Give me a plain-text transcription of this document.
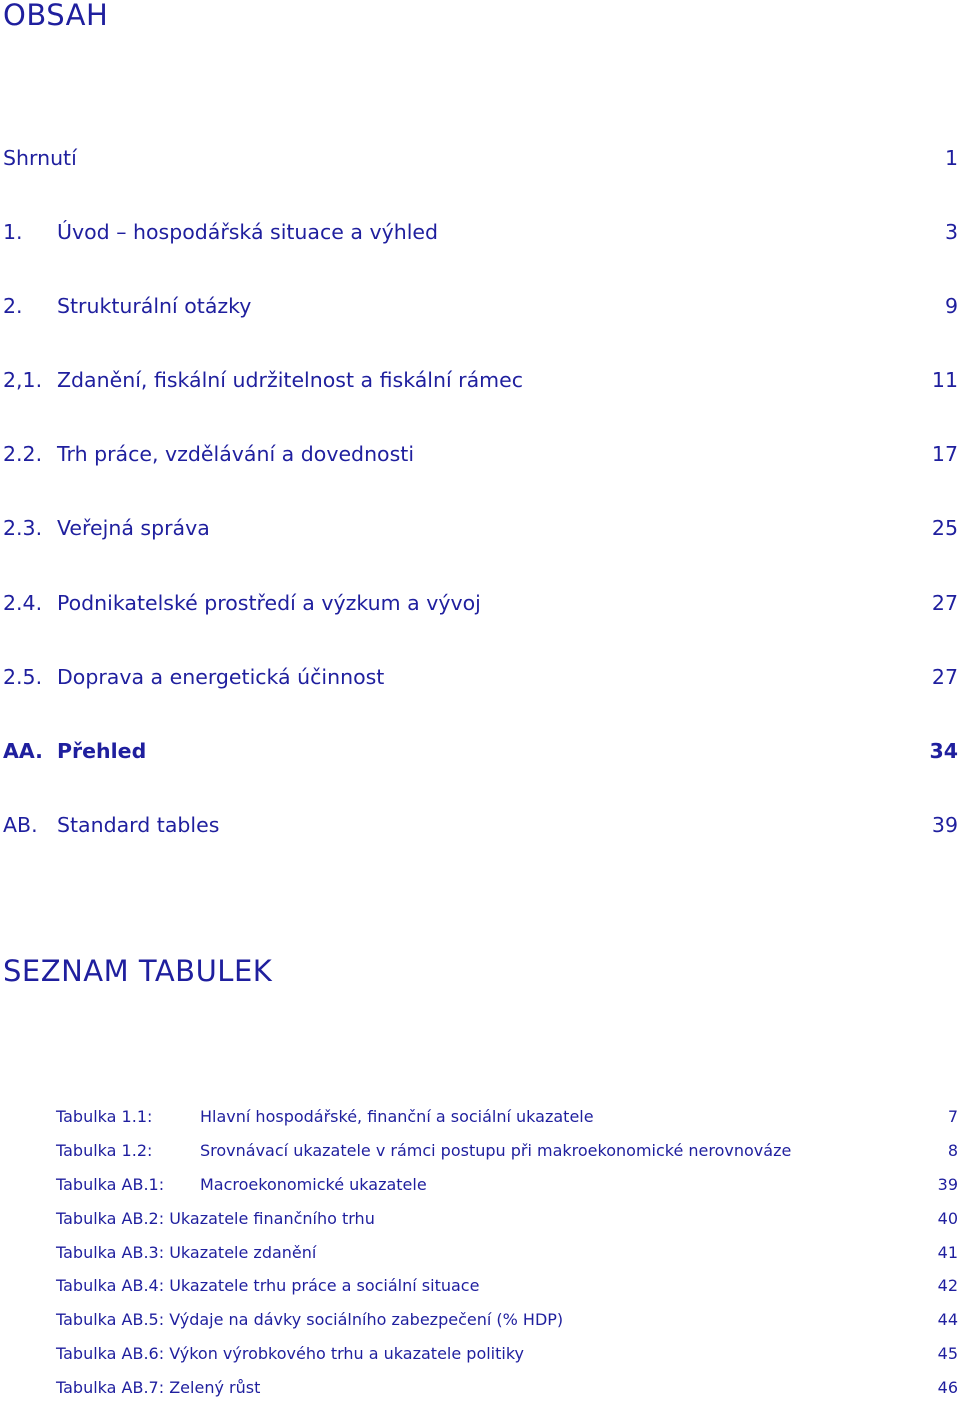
OBSAH
Shrnutí	1
1. Úvod – hospodářská situace a výhled	3
2. Strukturální otázky	9
2,1. Zdanění, fiskální udržitelnost a fiskální rámec	11
2.2. Trh práce, vzdělávání a dovednosti	17
2.3. Veřejná správa	25
2.4. Podnikatelské prostředí a výzkum a vývoj	27
2.5. Doprava a energetická účinnost	27
AA. Přehled	34
AB. Standard tables	39
SEZNAM TABULEK
Tabulka 1.1:	Hlavní hospodářské, finanční a sociální ukazatele	7
Tabulka 1.2:	Srovnávací ukazatele v rámci postupu při makroekonomické nerovnováze	8
Tabulka AB.1: Macroekonomické ukazatele	39
Tabulka AB.2: Ukazatele finančního trhu	40
Tabulka AB.3: Ukazatele zdanění	41
Tabulka AB.4: Ukazatele trhu práce a sociální situace	42
Tabulka AB.5: Výdaje na dávky sociálního zabezpečení (% HDP)	44
Tabulka AB.6: Výkon výrobkového trhu a ukazatele politiky	45
Tabulka AB.7: Zelený růst	46
